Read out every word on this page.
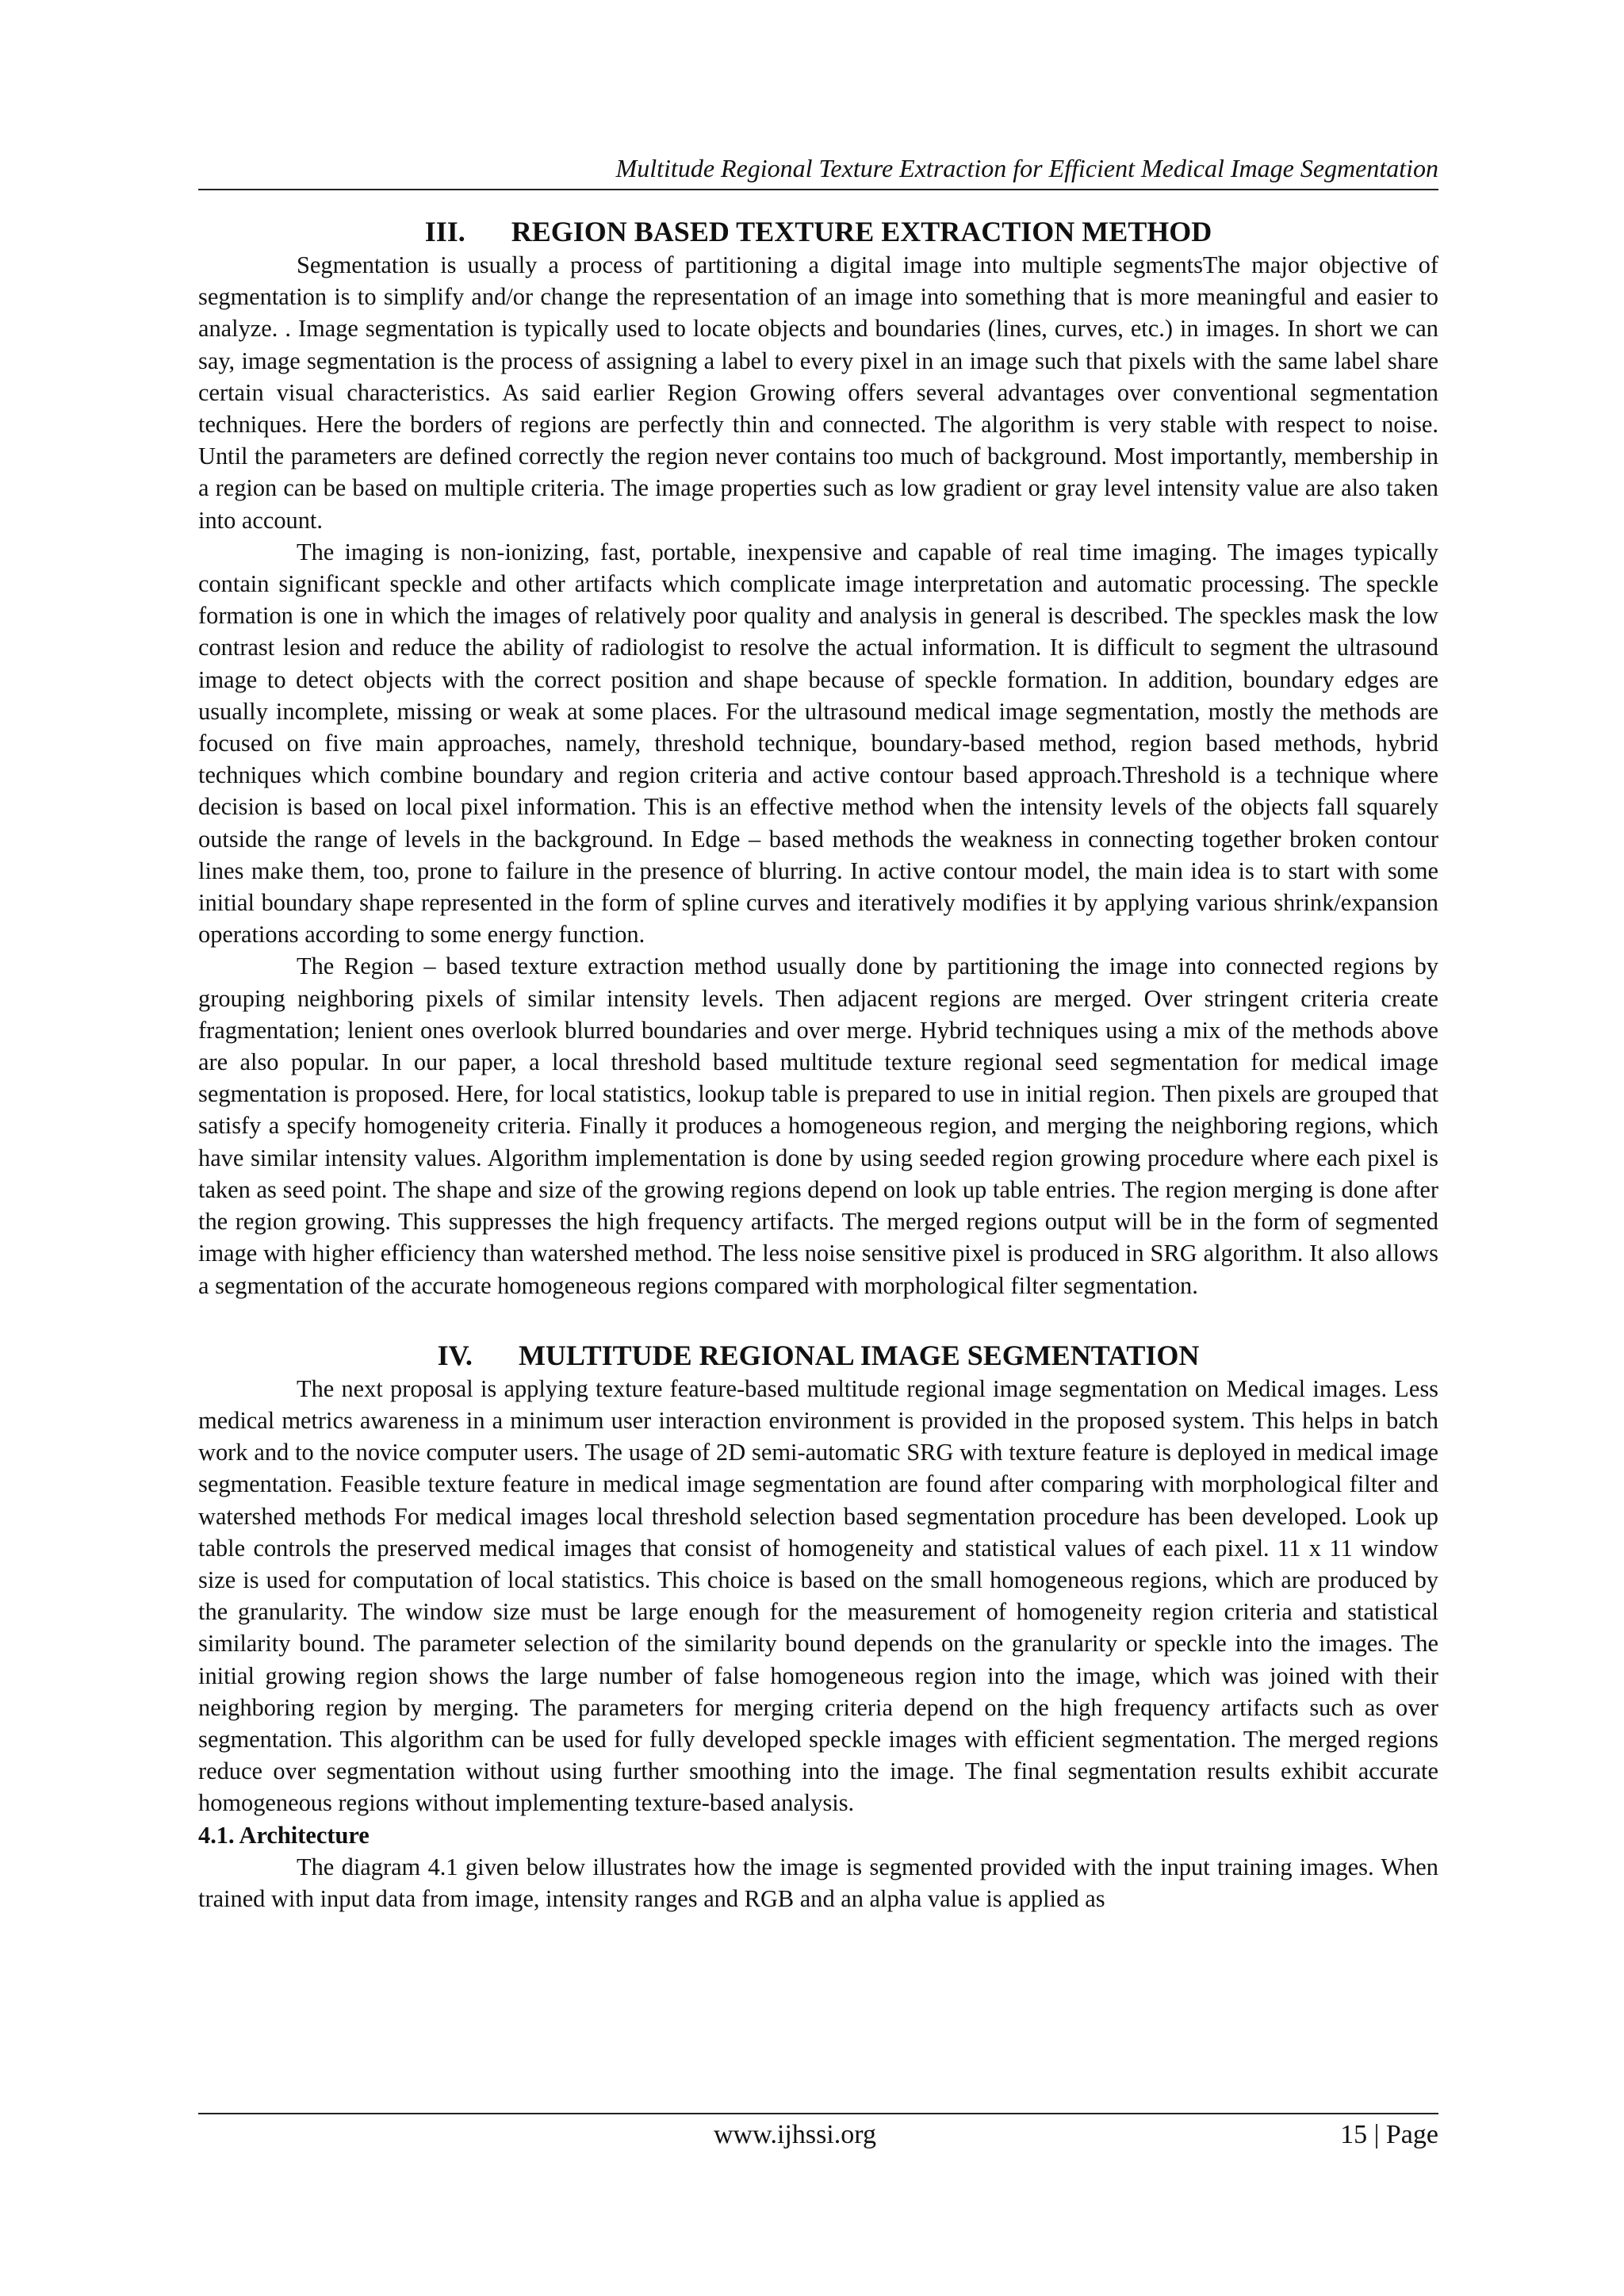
Multitude Regional Texture Extraction for Efficient Medical Image Segmentation
III. REGION BASED TEXTURE EXTRACTION METHOD

Segmentation is usually a process of partitioning a digital image into multiple segmentsThe major objective of segmentation is to simplify and/or change the representation of an image into something that is more meaningful and easier to analyze. . Image segmentation is typically used to locate objects and boundaries (lines, curves, etc.) in images. In short we can say, image segmentation is the process of assigning a label to every pixel in an image such that pixels with the same label share certain visual characteristics. As said earlier Region Growing offers several advantages over conventional segmentation techniques. Here the borders of regions are perfectly thin and connected. The algorithm is very stable with respect to noise. Until the parameters are defined correctly the region never contains too much of background. Most importantly, membership in a region can be based on multiple criteria. The image properties such as low gradient or gray level intensity value are also taken into account.

The imaging is non-ionizing, fast, portable, inexpensive and capable of real time imaging. The images typically contain significant speckle and other artifacts which complicate image interpretation and automatic processing. The speckle formation is one in which the images of relatively poor quality and analysis in general is described. The speckles mask the low contrast lesion and reduce the ability of radiologist to resolve the actual information. It is difficult to segment the ultrasound image to detect objects with the correct position and shape because of speckle formation. In addition, boundary edges are usually incomplete, missing or weak at some places. For the ultrasound medical image segmentation, mostly the methods are focused on five main approaches, namely, threshold technique, boundary-based method, region based methods, hybrid techniques which combine boundary and region criteria and active contour based approach.Threshold is a technique where decision is based on local pixel information. This is an effective method when the intensity levels of the objects fall squarely outside the range of levels in the background. In Edge – based methods the weakness in connecting together broken contour lines make them, too, prone to failure in the presence of blurring. In active contour model, the main idea is to start with some initial boundary shape represented in the form of spline curves and iteratively modifies it by applying various shrink/expansion operations according to some energy function.

The Region – based texture extraction method usually done by partitioning the image into connected regions by grouping neighboring pixels of similar intensity levels. Then adjacent regions are merged. Over stringent criteria create fragmentation; lenient ones overlook blurred boundaries and over merge. Hybrid techniques using a mix of the methods above are also popular. In our paper, a local threshold based multitude texture regional seed segmentation for medical image segmentation is proposed. Here, for local statistics, lookup table is prepared to use in initial region. Then pixels are grouped that satisfy a specify homogeneity criteria. Finally it produces a homogeneous region, and merging the neighboring regions, which have similar intensity values. Algorithm implementation is done by using seeded region growing procedure where each pixel is taken as seed point. The shape and size of the growing regions depend on look up table entries. The region merging is done after the region growing. This suppresses the high frequency artifacts. The merged regions output will be in the form of segmented image with higher efficiency than watershed method. The less noise sensitive pixel is produced in SRG algorithm. It also allows a segmentation of the accurate homogeneous regions compared with morphological filter segmentation.

IV. MULTITUDE REGIONAL IMAGE SEGMENTATION

The next proposal is applying texture feature-based multitude regional image segmentation on Medical images. Less medical metrics awareness in a minimum user interaction environment is provided in the proposed system. This helps in batch work and to the novice computer users. The usage of 2D semi-automatic SRG with texture feature is deployed in medical image segmentation. Feasible texture feature in medical image segmentation are found after comparing with morphological filter and watershed methods For medical images local threshold selection based segmentation procedure has been developed. Look up table controls the preserved medical images that consist of homogeneity and statistical values of each pixel. 11 x 11 window size is used for computation of local statistics. This choice is based on the small homogeneous regions, which are produced by the granularity. The window size must be large enough for the measurement of homogeneity region criteria and statistical similarity bound. The parameter selection of the similarity bound depends on the granularity or speckle into the images. The initial growing region shows the large number of false homogeneous region into the image, which was joined with their neighboring region by merging. The parameters for merging criteria depend on the high frequency artifacts such as over segmentation. This algorithm can be used for fully developed speckle images with efficient segmentation. The merged regions reduce over segmentation without using further smoothing into the image. The final segmentation results exhibit accurate homogeneous regions without implementing texture-based analysis.

4.1. Architecture

The diagram 4.1 given below illustrates how the image is segmented provided with the input training images. When trained with input data from image, intensity ranges and RGB and an alpha value is applied as

www.ijhssi.org	15 | Page
